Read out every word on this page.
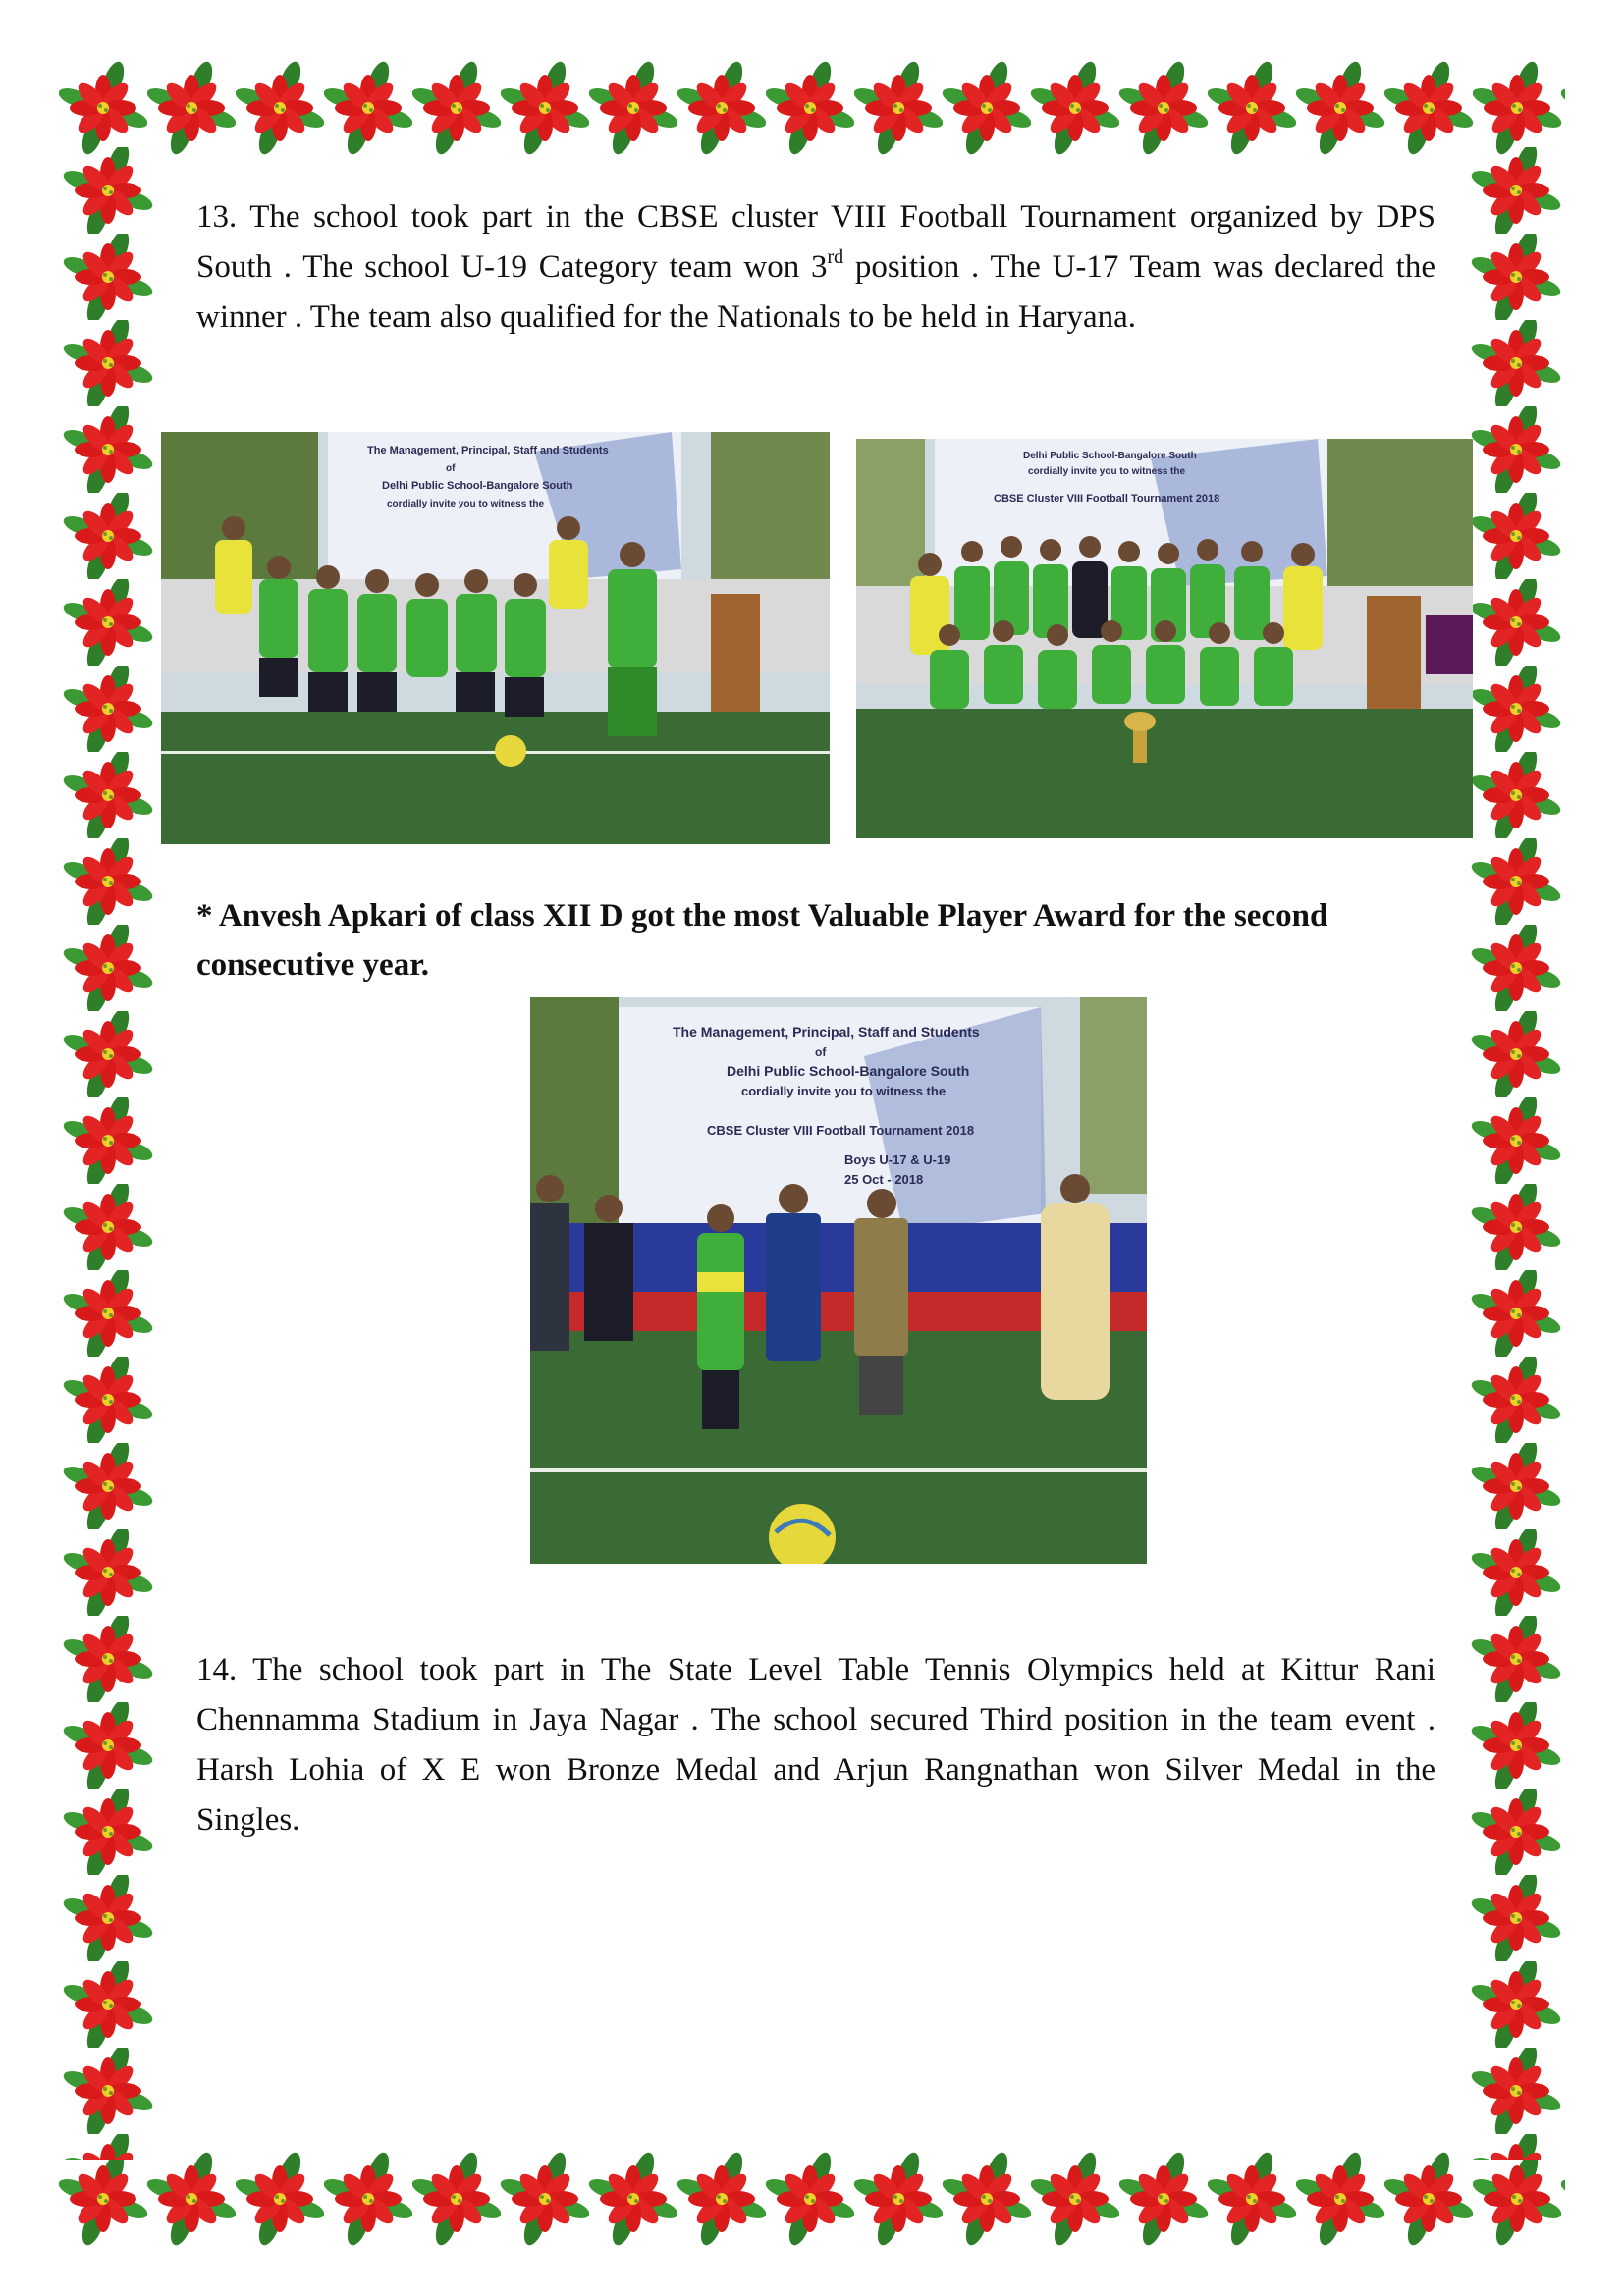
13. The school took part in the CBSE cluster VIII Football Tournament organized by DPS South . The school U-19 Category team won 3rd position . The U-17 Team was declared the winner . The team also qualified for the Nationals to be held in Haryana.

The Management, Principal, Staff and Students
of
Delhi Public School-Bangalore South
cordially invite you to witness the
Delhi Public School-Bangalore South
cordially invite you to witness the
CBSE Cluster VIII Football Tournament 2018
* Anvesh Apkari of class XII D got the most Valuable Player Award for the second consecutive year.
The Management, Principal, Staff and Students
of
Delhi Public School-Bangalore South
cordially invite you to witness the
CBSE Cluster VIII Football Tournament 2018
Boys U-17 & U-19
25 Oct - 2018

14. The school took part in The State Level Table Tennis Olympics held at Kittur Rani Chennamma Stadium in Jaya Nagar . The school secured Third position in the team event . Harsh Lohia of X E won Bronze Medal and Arjun Rangnathan won Silver Medal in the Singles.
